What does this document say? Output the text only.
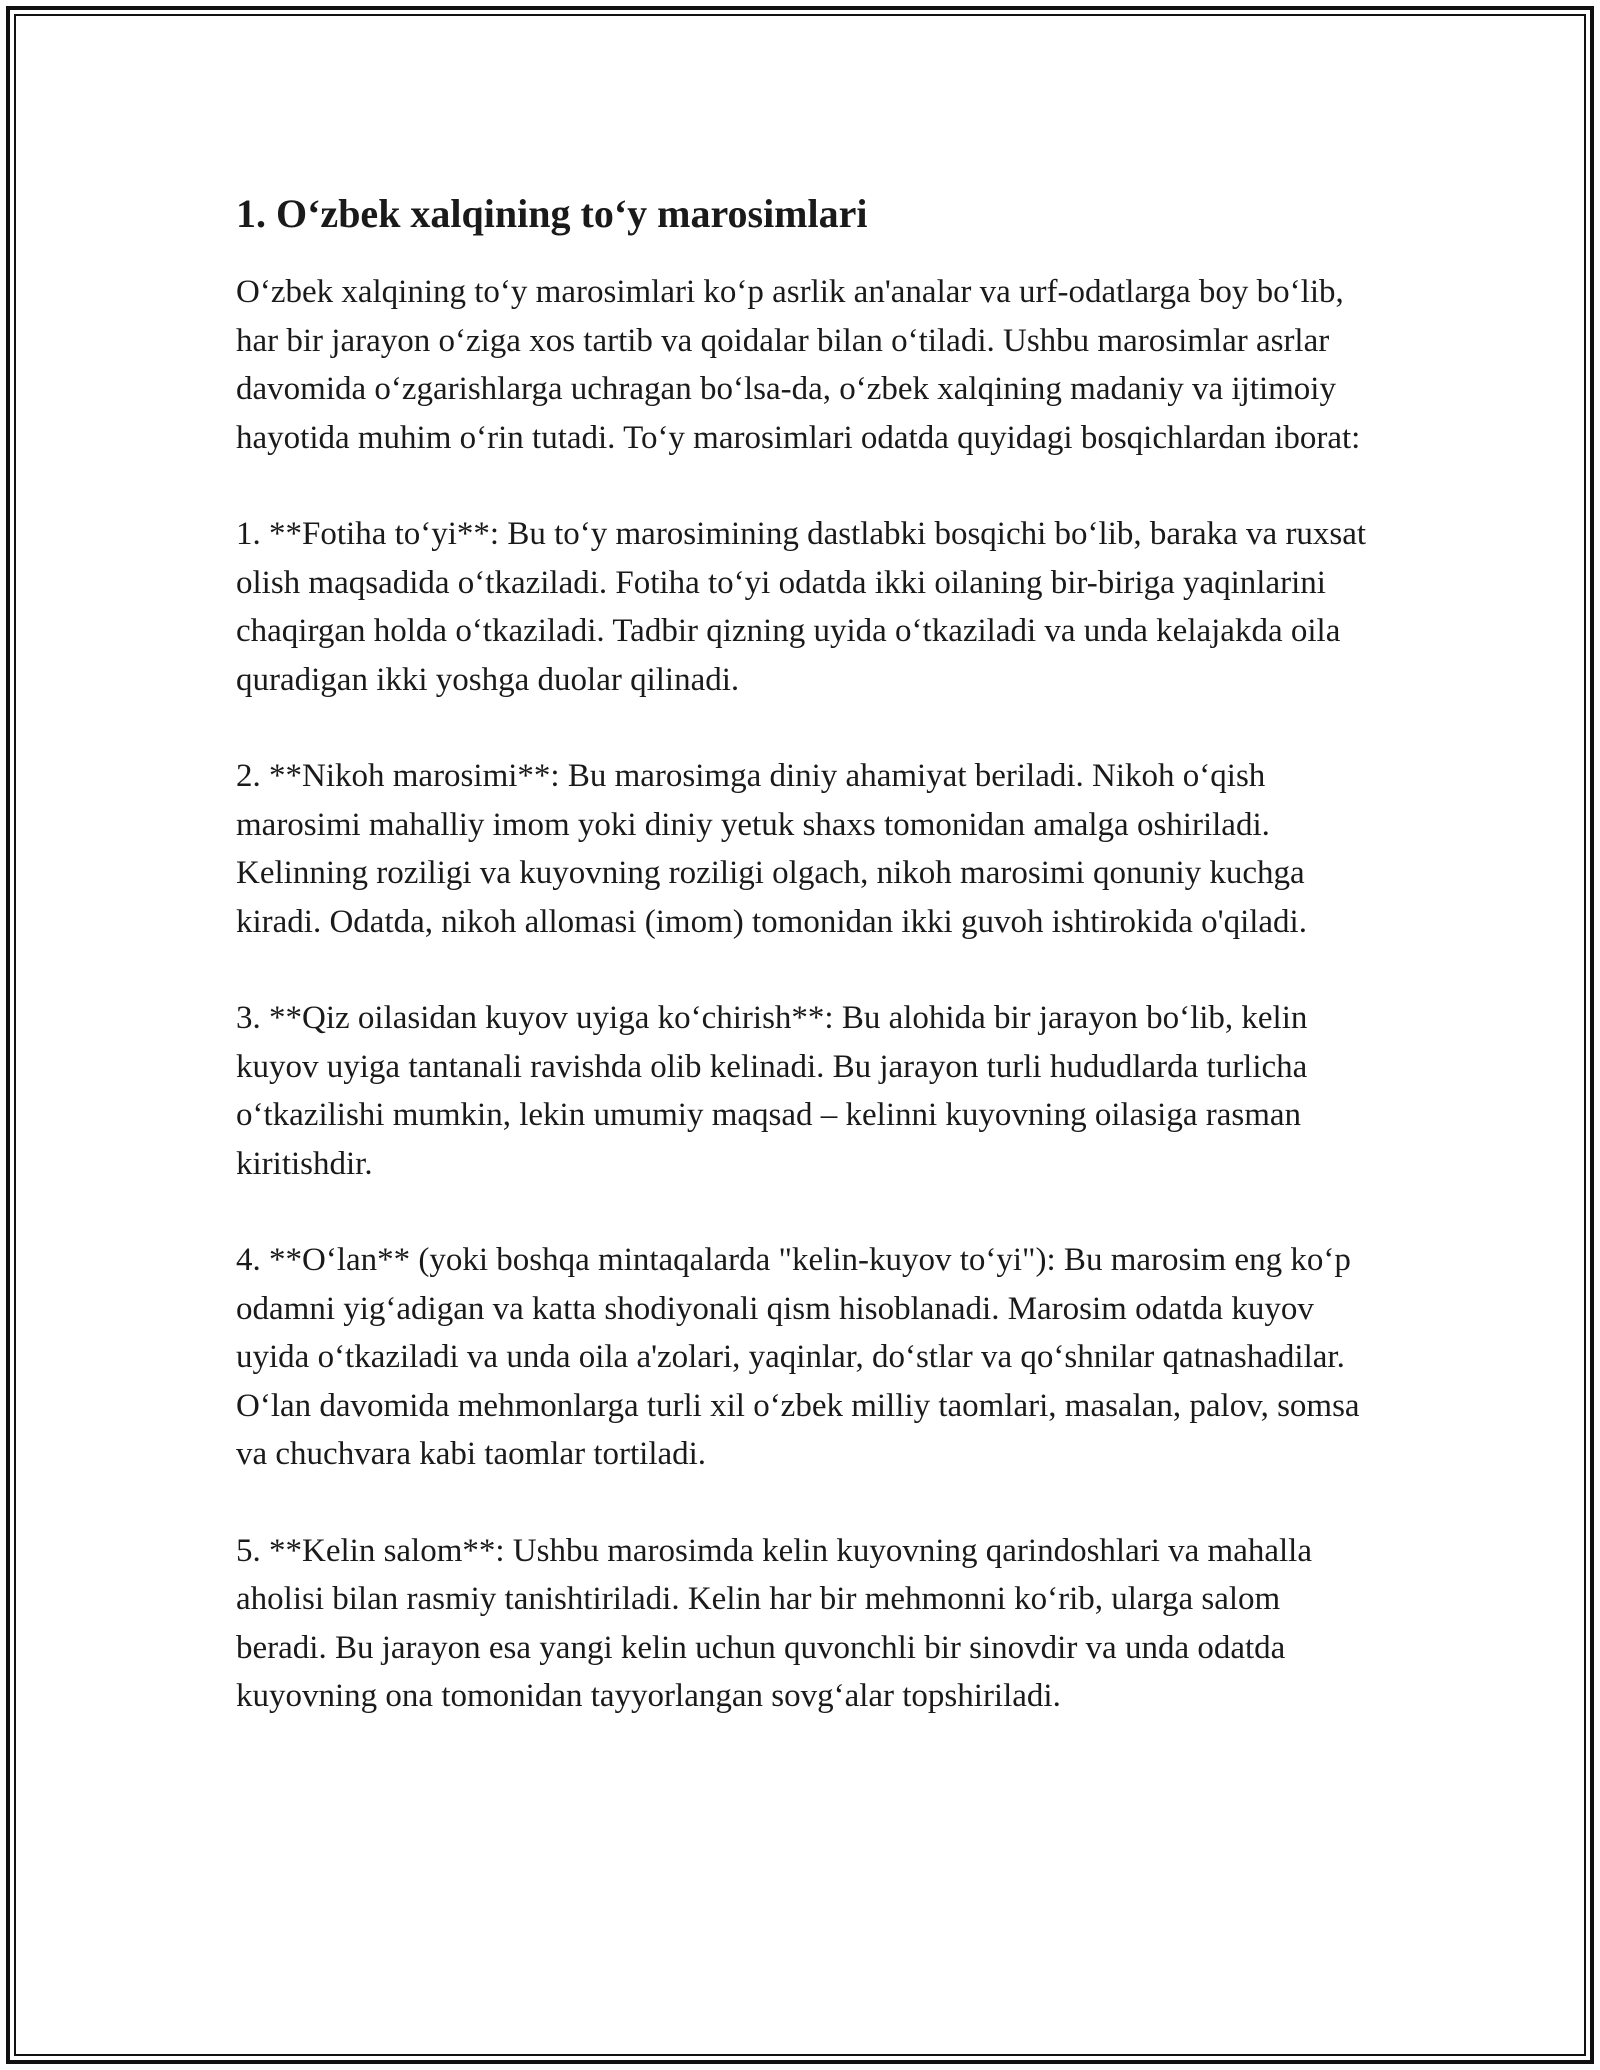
1. O‘zbek xalqining to‘y marosimlari

O‘zbek xalqining to‘y marosimlari ko‘p asrlik an'analar va urf-odatlarga boy bo‘lib, har bir jarayon o‘ziga xos tartib va qoidalar bilan o‘tiladi. Ushbu marosimlar asrlar davomida o‘zgarishlarga uchragan bo‘lsa-da, o‘zbek xalqining madaniy va ijtimoiy hayotida muhim o‘rin tutadi. To‘y marosimlari odatda quyidagi bosqichlardan iborat:

1. **Fotiha to‘yi**: Bu to‘y marosimining dastlabki bosqichi bo‘lib, baraka va ruxsat olish maqsadida o‘tkaziladi. Fotiha to‘yi odatda ikki oilaning bir-biriga yaqinlarini chaqirgan holda o‘tkaziladi. Tadbir qizning uyida o‘tkaziladi va unda kelajakda oila quradigan ikki yoshga duolar qilinadi.

2. **Nikoh marosimi**: Bu marosimga diniy ahamiyat beriladi. Nikoh o‘qish marosimi mahalliy imom yoki diniy yetuk shaxs tomonidan amalga oshiriladi. Kelinning roziligi va kuyovning roziligi olgach, nikoh marosimi qonuniy kuchga kiradi. Odatda, nikoh allomasi (imom) tomonidan ikki guvoh ishtirokida o'qiladi.

3. **Qiz oilasidan kuyov uyiga ko‘chirish**: Bu alohida bir jarayon bo‘lib, kelin kuyov uyiga tantanali ravishda olib kelinadi. Bu jarayon turli hududlarda turlicha o‘tkazilishi mumkin, lekin umumiy maqsad – kelinni kuyovning oilasiga rasman kiritishdir.

4. **O‘lan** (yoki boshqa mintaqalarda "kelin-kuyov to‘yi"): Bu marosim eng ko‘p odamni yig‘adigan va katta shodiyonali qism hisoblanadi. Marosim odatda kuyov uyida o‘tkaziladi va unda oila a'zolari, yaqinlar, do‘stlar va qo‘shnilar qatnashadilar. O‘lan davomida mehmonlarga turli xil o‘zbek milliy taomlari, masalan, palov, somsa va chuchvara kabi taomlar tortiladi.

5. **Kelin salom**: Ushbu marosimda kelin kuyovning qarindoshlari va mahalla aholisi bilan rasmiy tanishtiriladi. Kelin har bir mehmonni ko‘rib, ularga salom beradi. Bu jarayon esa yangi kelin uchun quvonchli bir sinovdir va unda odatda kuyovning ona tomonidan tayyorlangan sovg‘alar topshiriladi.
